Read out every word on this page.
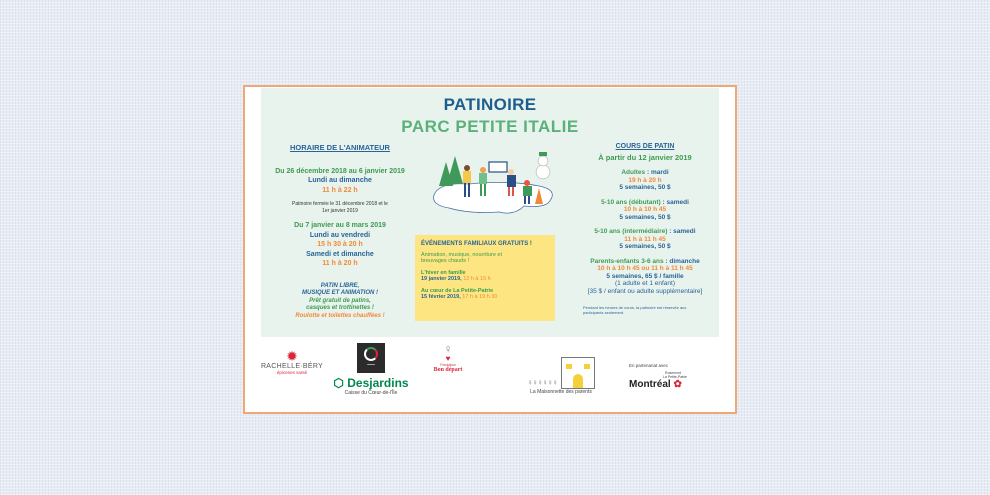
PATINOIRE
PARC PETITE ITALIE
HORAIRE DE L'ANIMATEUR
Du 26 décembre 2018 au 6 janvier 2019
Lundi au dimanche
11 h à 22 h
Patinoire fermée le 31 décembre 2018 et le
1er janvier 2019
Du 7 janvier au 8 mars 2019
Lundi au vendredi
15 h 30 à 20 h
Samedi et dimanche
11 h à 20 h
PATIN LIBRE,
MUSIQUE ET ANIMATION !
Prêt gratuit de patins,
casques et trottinettes !
Roulotte et toilettes chauffées !
ÉVÉNEMENTS FAMILIAUX GRATUITS !
Animation, musique, nourriture et
breuvages chauds !
L'hiver en famille
19 janvier 2019, 12 h à 15 h
Au cœur de La Petite-Patrie
15 février 2019, 17 h à 19 h 30
COURS DE PATIN
À partir du 12 janvier 2019
Adultes : mardi
19 h à 20 h
5 semaines, 50 $
5-10 ans (débutant) : samedi
10 h à 10 h 45
5 semaines, 50 $
5-10 ans (intermédiaire) : samedi
11 h à 11 h 45
5 semaines, 50 $
Parents-enfants 3-6 ans : dimanche
10 h à 10 h 45 ou 11 h à 11 h 45
5 semaines, 65 $ / famille
(1 adulte et 1 enfant)
[35 $ / enfant ou adulte supplémentaire]
Pendant les heures de cours, la patinoire est réservée aux
participants seulement.
✹
RACHELLE·BÉRY
épiceries santé
▬▬▬
⬡ Desjardins
Caisse du Cœur-de-l'Île
♀
♥
Fondation
Bon départ
♀♀♀♀♀♀
La Maisonnette des parents
En partenariat avec
Rosemont
La Petite-Patrie
Montréal ✿
